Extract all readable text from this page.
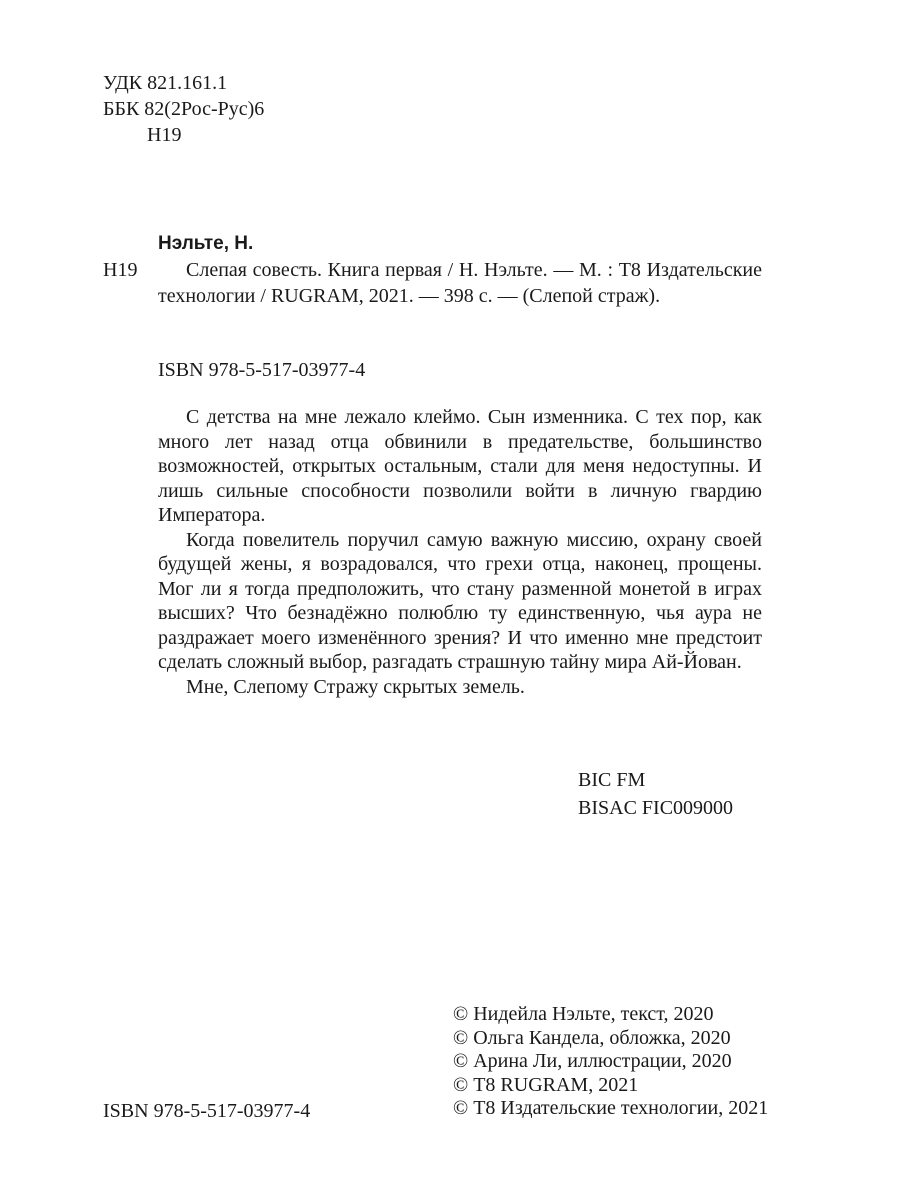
УДК 821.161.1
ББК 82(2Рос-Рус)6
Н19
Нэльте, Н.
Н19	Слепая совесть. Книга первая / Н. Нэльте. — М. : Т8 Издательские технологии / RUGRAM, 2021. — 398 с. — (Слепой страж).
ISBN 978-5-517-03977-4

С детства на мне лежало клеймо. Сын изменника. С тех пор, как много лет назад отца обвинили в предательстве, большинство возможностей, открытых остальным, стали для меня недоступны. И лишь сильные способности позволили войти в личную гвардию Императора.

Когда повелитель поручил самую важную миссию, охрану своей будущей жены, я возрадовался, что грехи отца, наконец, прощены. Мог ли я тогда предположить, что стану разменной монетой в играх высших? Что безнадёжно полюблю ту единственную, чья аура не раздражает моего изменённого зрения? И что именно мне предстоит сделать сложный выбор, разгадать страшную тайну мира Ай-Йован.

Мне, Слепому Стражу скрытых земель.

BIC FM
BISAC FIC009000
ISBN 978-5-517-03977-4
© Нидейла Нэльте, текст, 2020
© Ольга Кандела, обложка, 2020
© Арина Ли, иллюстрации, 2020
© Т8 RUGRAM, 2021
© Т8 Издательские технологии, 2021
